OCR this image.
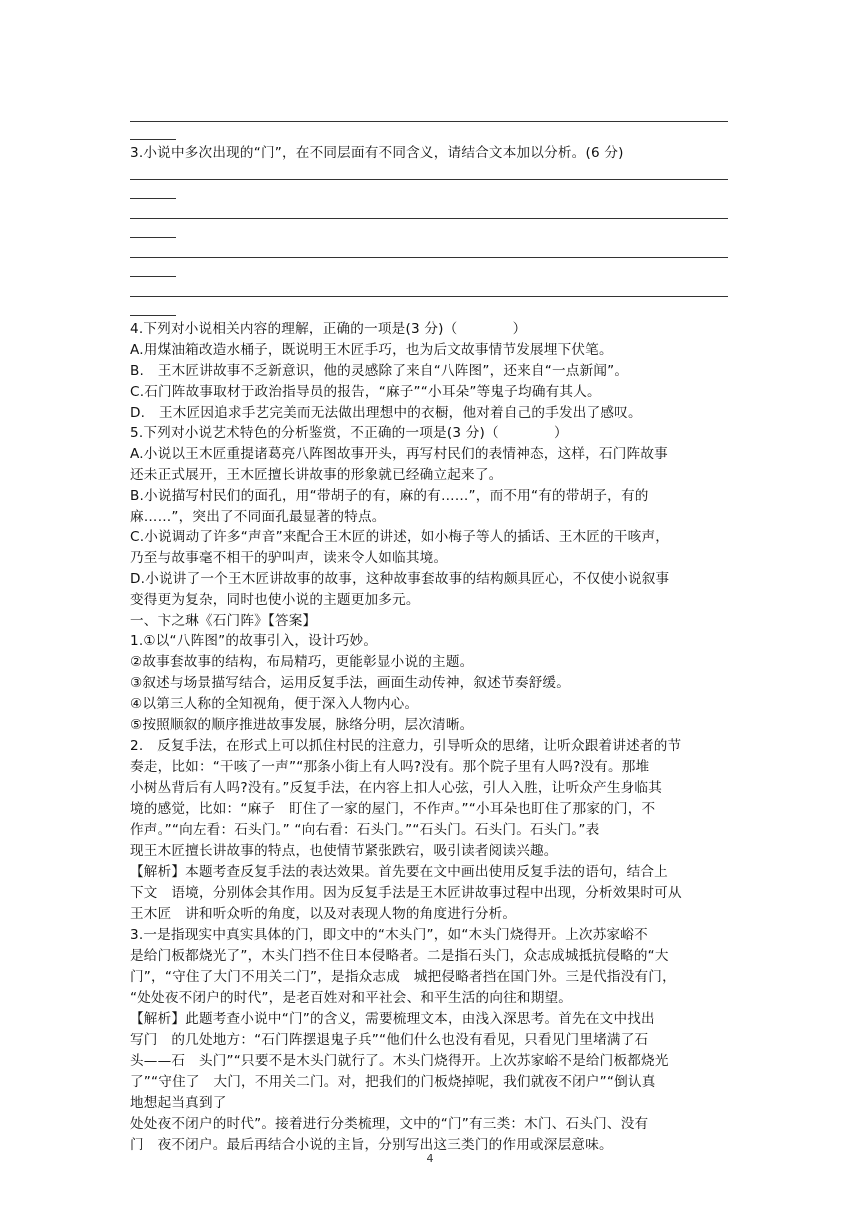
3.小说中多次出现的“门”，在不同层面有不同含义，请结合文本加以分析。(6 分)
4.下列对小说相关内容的理解，正确的一项是(3 分)（　　　　）
A.用煤油箱改造水桶子，既说明王木匠手巧，也为后文故事情节发展埋下伏笔。
B.　王木匠讲故事不乏新意识，他的灵感除了来自“八阵图”，还来自“一点新闻”。
C.石门阵故事取材于政治指导员的报告，“麻子”“小耳朵”等鬼子均确有其人。
D.　王木匠因追求手艺完美而无法做出理想中的衣橱，他对着自己的手发出了感叹。
5.下列对小说艺术特色的分析鉴赏，不正确的一项是(3 分)（　　　　）
A.小说以王木匠重提诸葛亮八阵图故事开头，再写村民们的表情神态，这样，石门阵故事
还未正式展开，王木匠擅长讲故事的形象就已经确立起来了。
B.小说描写村民们的面孔，用“带胡子的有，麻的有……”，而不用“有的带胡子，有的
麻……”，突出了不同面孔最显著的特点。
C.小说调动了许多“声音”来配合王木匠的讲述，如小梅子等人的插话、王木匠的干咳声，
乃至与故事毫不相干的驴叫声，读来令人如临其境。
D.小说讲了一个王木匠讲故事的故事，这种故事套故事的结构颇具匠心，不仅使小说叙事
变得更为复杂，同时也使小说的主题更加多元。
一、卞之琳《石门阵》【答案】
1.①以“八阵图”的故事引入，设计巧妙。
②故事套故事的结构，布局精巧，更能彰显小说的主题。
③叙述与场景描写结合，运用反复手法，画面生动传神，叙述节奏舒缓。
④以第三人称的全知视角，便于深入人物内心。
⑤按照顺叙的顺序推进故事发展，脉络分明，层次清晰。
2.　反复手法，在形式上可以抓住村民的注意力，引导听众的思绪，让听众跟着讲述者的节
奏走，比如：“干咳了一声”“那条小街上有人吗?没有。那个院子里有人吗?没有。那堆
小树丛背后有人吗?没有。”反复手法，在内容上扣人心弦，引人入胜，让听众产生身临其
境的感觉，比如：“麻子　盯住了一家的屋门，不作声。”“小耳朵也盯住了那家的门，不
作声。”“向左看：石头门。” “向右看：石头门。”“石头门。石头门。石头门。”表
现王木匠擅长讲故事的特点，也使情节紧张跌宕，吸引读者阅读兴趣。
【解析】本题考查反复手法的表达效果。首先要在文中画出使用反复手法的语句，结合上
下文　语境，分别体会其作用。因为反复手法是王木匠讲故事过程中出现，分析效果时可从
王木匠　讲和听众听的角度，以及对表现人物的角度进行分析。
3.一是指现实中真实具体的门，即文中的“木头门”，如“木头门烧得开。上次苏家峪不
是给门板都烧光了”，木头门挡不住日本侵略者。二是指石头门，众志成城抵抗侵略的“大
门”，“守住了大门不用关二门”，是指众志成　城把侵略者挡在国门外。三是代指没有门，
“处处夜不闭户的时代”，是老百姓对和平社会、和平生活的向往和期望。
【解析】此题考查小说中“门”的含义，需要梳理文本，由浅入深思考。首先在文中找出
写门　的几处地方：“石门阵摆退鬼子兵”“他们什么也没有看见，只看见门里堵满了石
头——石　头门”“只要不是木头门就行了。木头门烧得开。上次苏家峪不是给门板都烧光
了”“守住了　大门，不用关二门。对，把我们的门板烧掉呢，我们就夜不闭户”“倒认真
地想起当真到了
处处夜不闭户的时代”。接着进行分类梳理，文中的“门”有三类：木门、石头门、没有
门　夜不闭户。最后再结合小说的主旨，分别写出这三类门的作用或深层意味。
4
